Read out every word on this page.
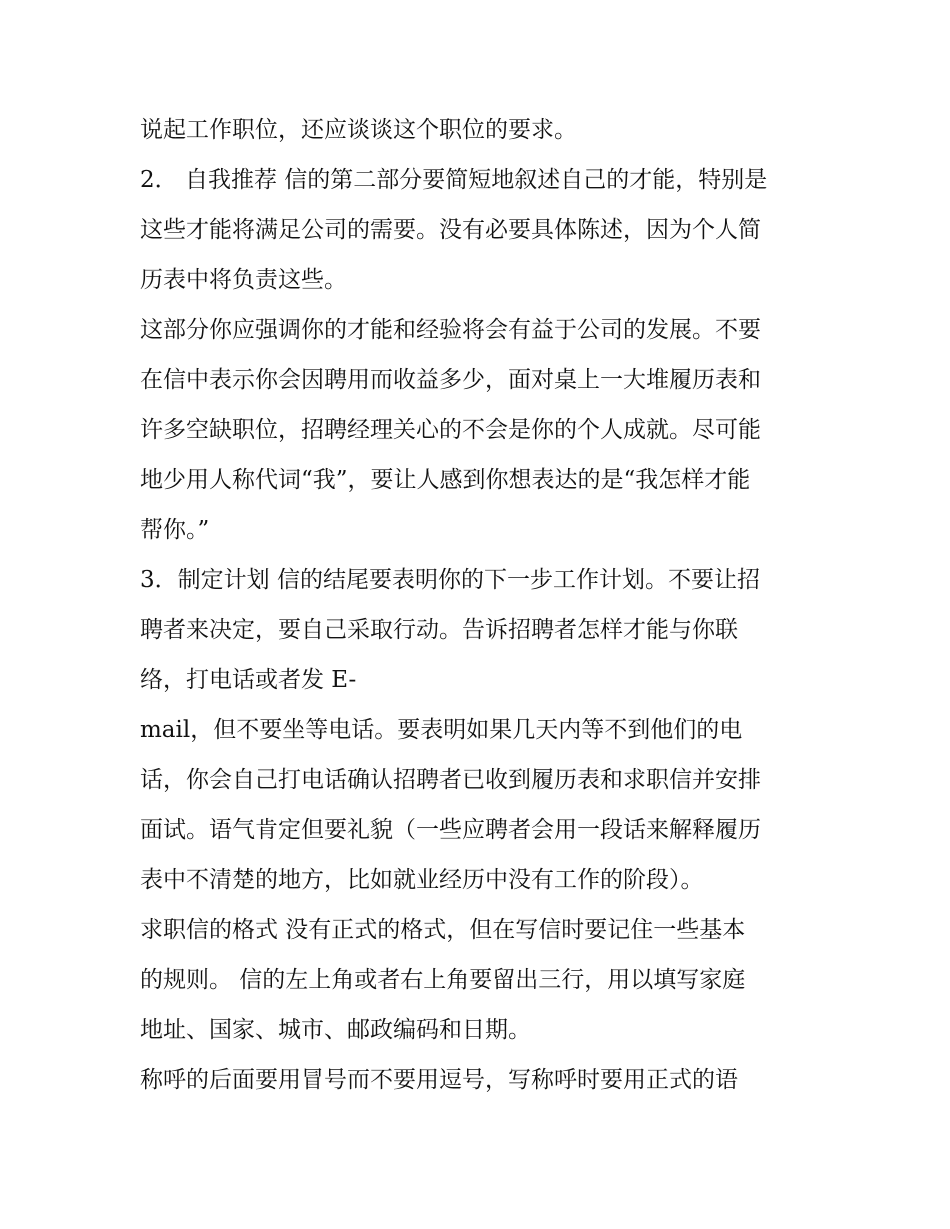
说起工作职位，还应谈谈这个职位的要求。
2． 自我推荐 信的第二部分要简短地叙述自己的才能，特别是
这些才能将满足公司的需要。没有必要具体陈述，因为个人简
历表中将负责这些。
这部分你应强调你的才能和经验将会有益于公司的发展。不要
在信中表示你会因聘用而收益多少，面对桌上一大堆履历表和
许多空缺职位，招聘经理关心的不会是你的个人成就。尽可能
地少用人称代词“我”，要让人感到你想表达的是“我怎样才能
帮你。”
3．制定计划 信的结尾要表明你的下一步工作计划。不要让招
聘者来决定，要自己采取行动。告诉招聘者怎样才能与你联
络，打电话或者发 E-
mail，但不要坐等电话。要表明如果几天内等不到他们的电
话，你会自己打电话确认招聘者已收到履历表和求职信并安排
面试。语气肯定但要礼貌（一些应聘者会用一段话来解释履历
表中不清楚的地方，比如就业经历中没有工作的阶段）。
求职信的格式 没有正式的格式，但在写信时要记住一些基本
的规则。 信的左上角或者右上角要留出三行，用以填写家庭
地址、国家、城市、邮政编码和日期。
称呼的后面要用冒号而不要用逗号，写称呼时要用正式的语
